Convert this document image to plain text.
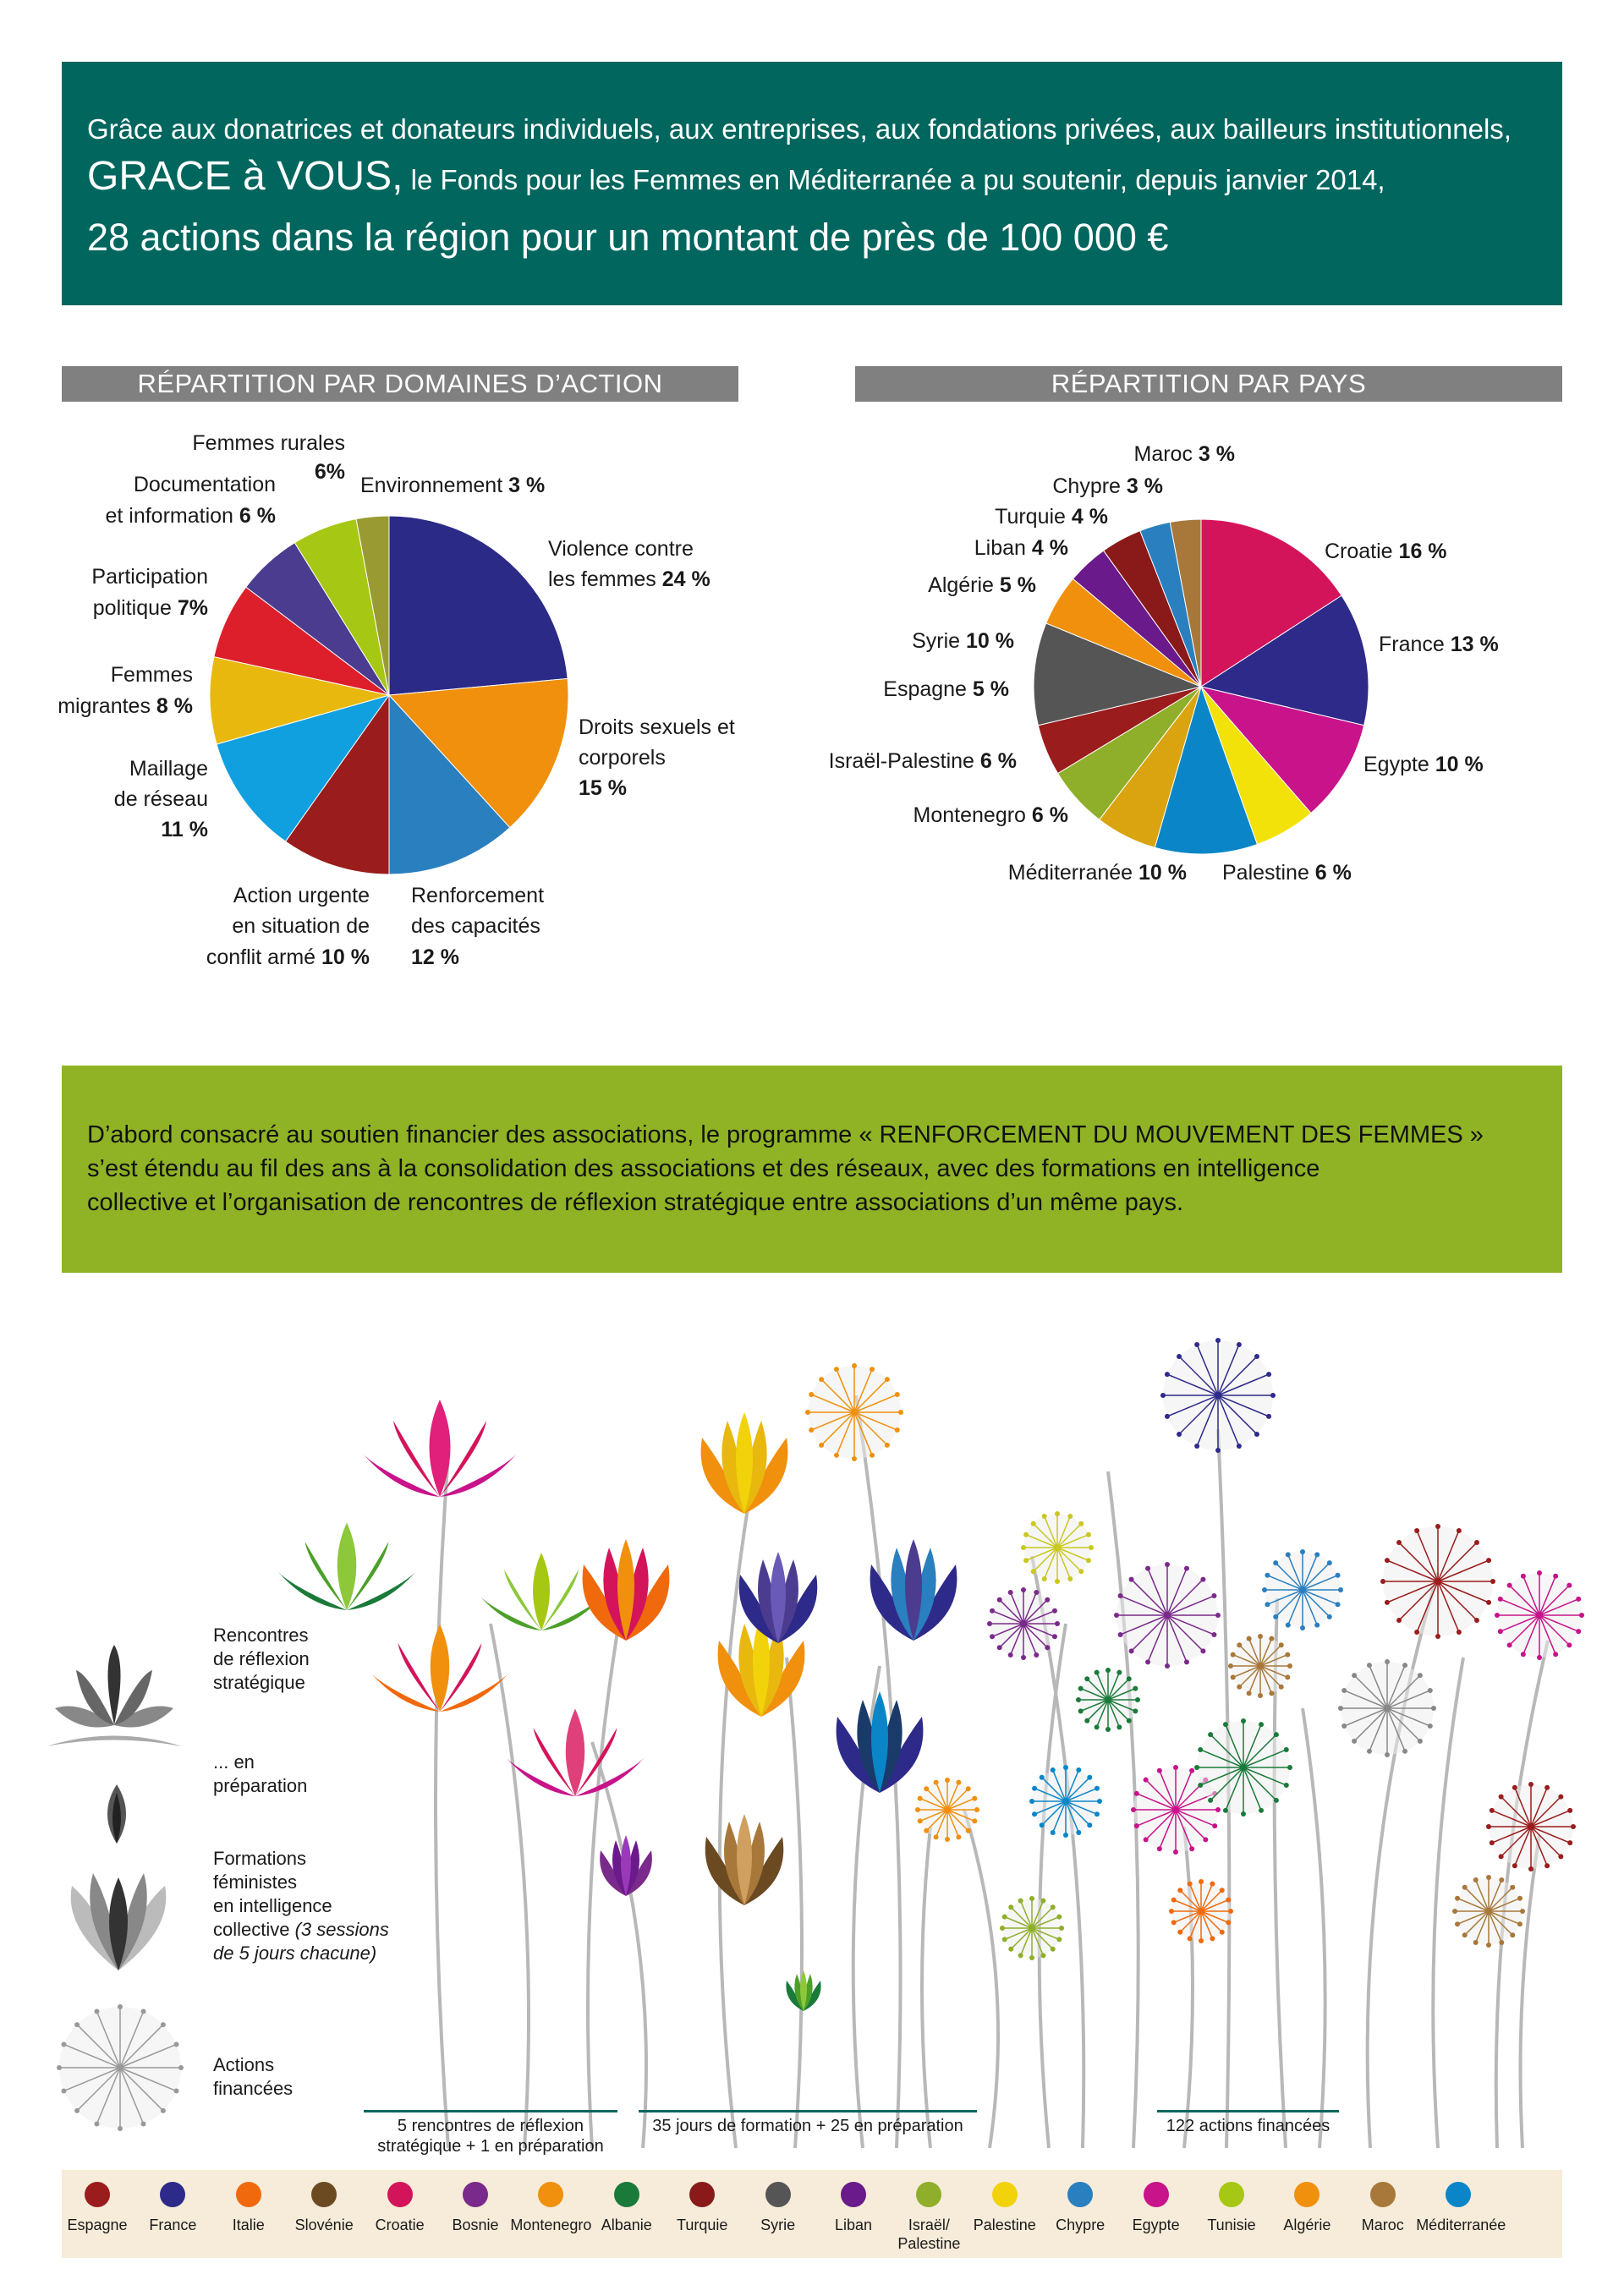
Grâce aux donatrices et donateurs individuels, aux entreprises, aux fondations privées, aux bailleurs institutionnels,
GRACE à VOUS, le Fonds pour les Femmes en Méditerranée a pu soutenir, depuis janvier 2014,
28 actions dans la région pour un montant de près de 100 000 €
RÉPARTITION PAR DOMAINES D’ACTION	RÉPARTITION PAR PAYS
Violence contre
les femmes 24 %
Droits sexuels et
corporels
15 %
Renforcement
des capacités
12 %
Action urgente
en situation de
conflit armé 10 %
Maillage
de réseau
11 %
Femmes
migrantes 8 %
Participation
politique 7%
Documentation
et information 6 %
Femmes rurales
6%
Environnement 3 %
Croatie 16 %
France 13 %
Egypte 10 %
Palestine 6 %
Méditerranée 10 %
Montenegro 6 %
Israël-Palestine 6 %
Espagne 5 %
Syrie 10 %
Algérie 5 %
Liban 4 %
Turquie 4 %
Chypre 3 %
Maroc 3 %
D’abord consacré au soutien financier des associations, le programme « RENFORCEMENT DU MOUVEMENT DES FEMMES »
s’est étendu au fil des ans à la consolidation des associations et des réseaux, avec des formations en intelligence
collective et l’organisation de rencontres de réflexion stratégique entre associations d’un même pays.
Rencontres
de réflexion
stratégique
... en
préparation
Formations
féministes
en intelligence
collective (3 sessions
de 5 jours chacune)
Actions
financées
5 rencontres de réflexion
stratégique + 1 en préparation
35 jours de formation + 25 en préparation	122 actions financées
Espagne	France	Italie	Slovénie	Croatie	Bosnie Montenegro Albanie	Turquie	Syrie	Liban	Israël/
Palestine
Palestine	Chypre	Egypte	Tunisie	Algérie	Maroc Méditerranée
